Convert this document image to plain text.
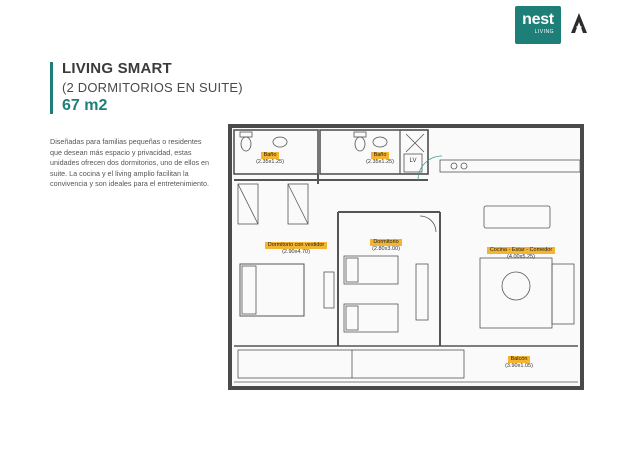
nest
LIVING
LIVING SMART
(2 DORMITORIOS EN SUITE)
67 m2
Diseñadas para familias pequeñas o residentes que desean más espacio y privacidad, estas unidades ofrecen dos dormitorios, uno de ellos en suite. La cocina y el living amplio facilitan la convivencia y son ideales para el entretenimiento.
Baño
(2.35x1.25)
Baño
(2.35x1.25)	LV
Dormitorio con vestidor
(2.90x4.70)
Dormitorio
(2.80x3.00)	Cocina - Estar - Comedor
(4.00x5.25)
Balcón
(3.90x1.05)
